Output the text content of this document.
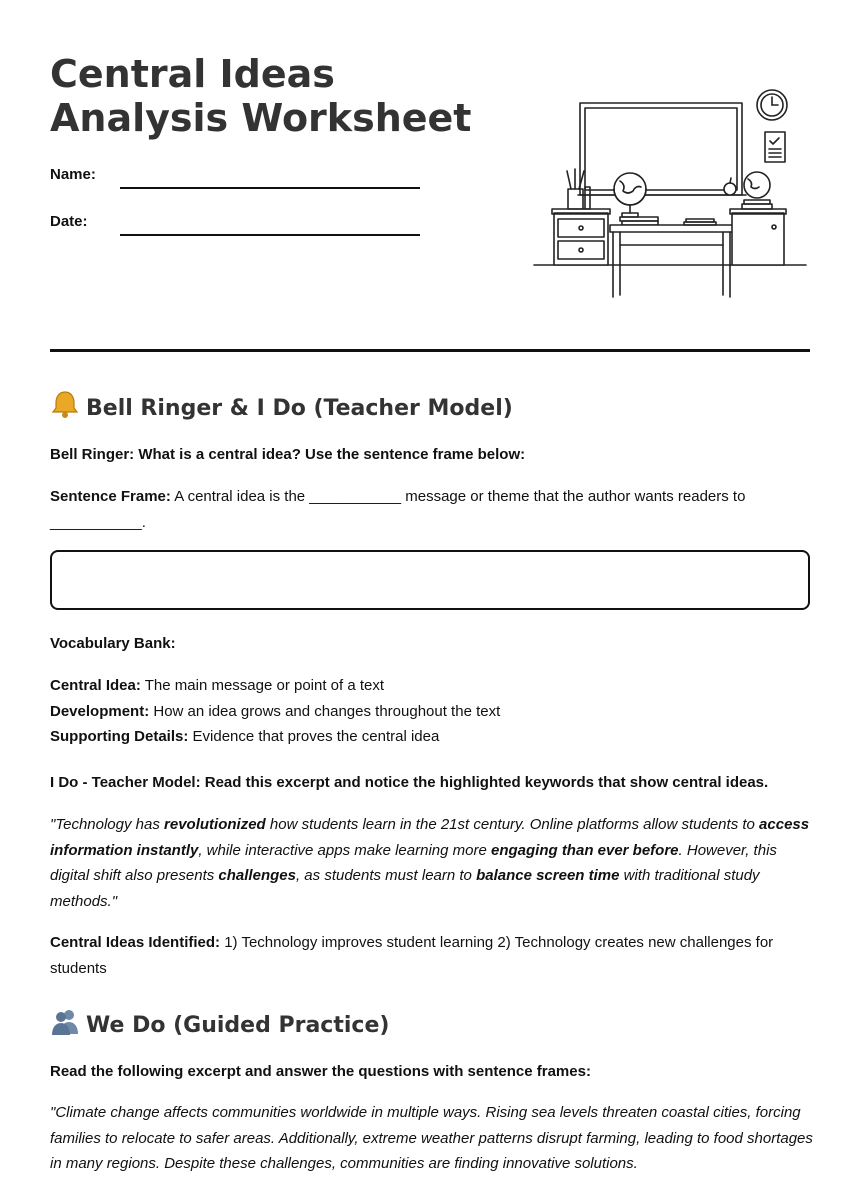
Central Ideas Analysis Worksheet
Name:
Date:
Bell Ringer & I Do (Teacher Model)
Bell Ringer: What is a central idea? Use the sentence frame below:
Sentence Frame: A central idea is the ___________ message or theme that the author wants readers to ___________.
Vocabulary Bank:
Central Idea: The main message or point of a text
Development: How an idea grows and changes throughout the text
Supporting Details: Evidence that proves the central idea
I Do - Teacher Model: Read this excerpt and notice the highlighted keywords that show central ideas.
"Technology has revolutionized how students learn in the 21st century. Online platforms allow students to access information instantly, while interactive apps make learning more engaging than ever before. However, this digital shift also presents challenges, as students must learn to balance screen time with traditional study methods."
Central Ideas Identified: 1) Technology improves student learning 2) Technology creates new challenges for students
We Do (Guided Practice)
Read the following excerpt and answer the questions with sentence frames:
"Climate change affects communities worldwide in multiple ways. Rising sea levels threaten coastal cities, forcing families to relocate to safer areas. Additionally, extreme weather patterns disrupt farming, leading to food shortages in many regions. Despite these challenges, communities are finding innovative solutions.
